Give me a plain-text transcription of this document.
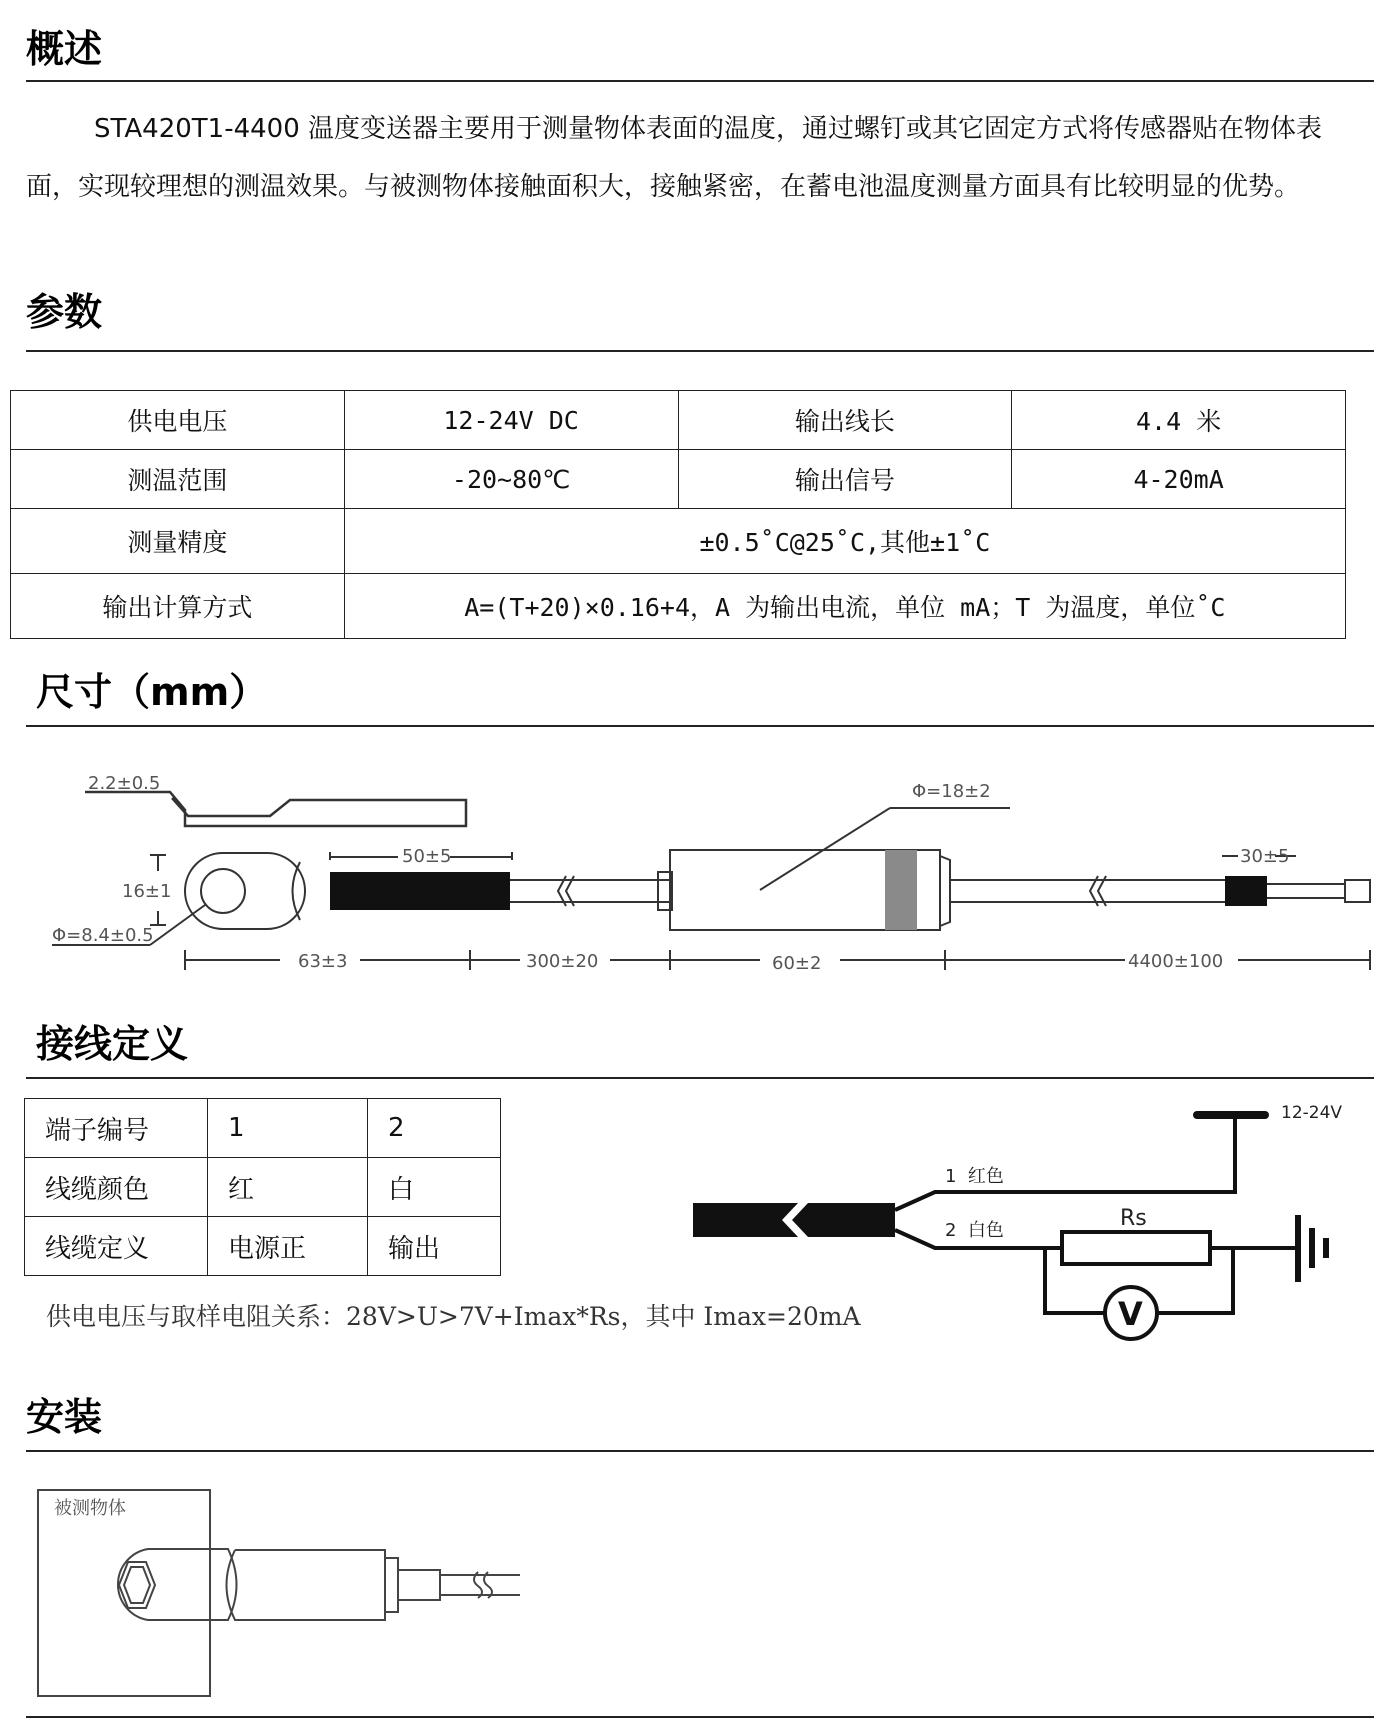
概述
STA420T1-4400 温度变送器主要用于测量物体表面的温度，通过螺钉或其它固定方式将传感器贴在物体表面，实现较理想的测温效果。与被测物体接触面积大，接触紧密，在蓄电池温度测量方面具有比较明显的优势。
参数
供电电压	12-24V DC	输出线长	4.4 米
测温范围	-20~80℃	输出信号	4-20mA
测量精度	±0.5˚C@25˚C,其他±1˚C		
输出计算方式	A=(T+20)×0.16+4，A 为输出电流，单位 mA；T 为温度，单位˚C		
尺寸（mm）
2.2±0.5	Φ=18±2
16±1
50±5	30±5
Φ=8.4±0.5
63±3	300±20	60±2	4400±100
接线定义
端子编号	1	2
线缆颜色	红	白
线缆定义	电源正	输出
供电电压与取样电阻关系：28V>U>7V+Imax*Rs，其中 Imax=20mA
12-24V
1  红色
2  白色	Rs
V
安装
被测物体
